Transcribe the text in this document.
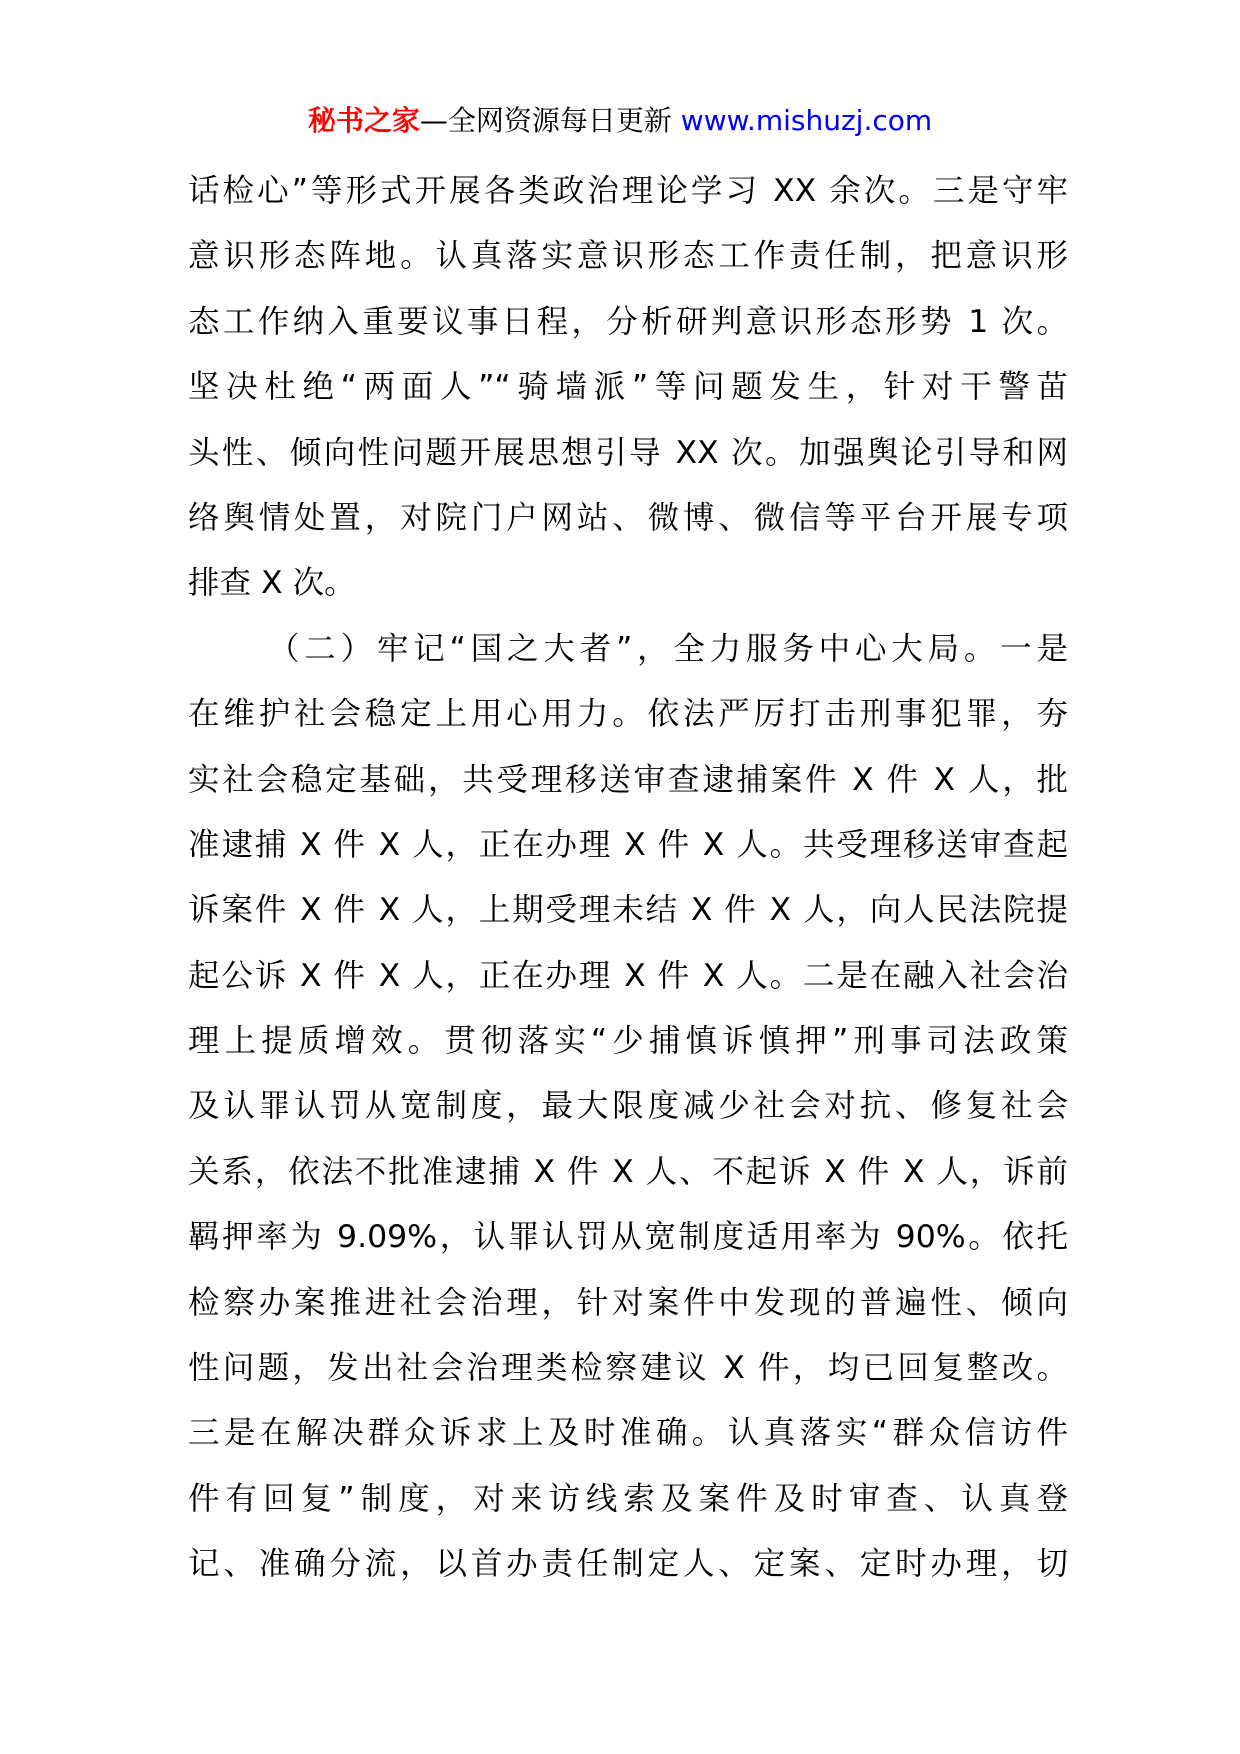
秘书之家—全网资源每日更新 www.mishuzj.com
话检心”等形式开展各类政治理论学习 XX 余次。三是守牢
意识形态阵地。认真落实意识形态工作责任制，把意识形
态工作纳入重要议事日程，分析研判意识形态形势 1 次。
坚决杜绝“两面人”“骑墙派”等问题发生，针对干警苗
头性、倾向性问题开展思想引导 XX 次。加强舆论引导和网
络舆情处置，对院门户网站、微博、微信等平台开展专项
排查 X 次。
（二）牢记“国之大者”，全力服务中心大局。一是
在维护社会稳定上用心用力。依法严厉打击刑事犯罪，夯
实社会稳定基础，共受理移送审查逮捕案件 X 件 X 人，批
准逮捕 X 件 X 人，正在办理 X 件 X 人。共受理移送审查起
诉案件 X 件 X 人，上期受理未结 X 件 X 人，向人民法院提
起公诉 X 件 X 人，正在办理 X 件 X 人。二是在融入社会治
理上提质增效。贯彻落实“少捕慎诉慎押”刑事司法政策
及认罪认罚从宽制度，最大限度减少社会对抗、修复社会
关系，依法不批准逮捕 X 件 X 人、不起诉 X 件 X 人，诉前
羁押率为 9.09%，认罪认罚从宽制度适用率为 90%。依托
检察办案推进社会治理，针对案件中发现的普遍性、倾向
性问题，发出社会治理类检察建议 X 件，均已回复整改。
三是在解决群众诉求上及时准确。认真落实“群众信访件
件有回复”制度，对来访线索及案件及时审查、认真登
记、准确分流，以首办责任制定人、定案、定时办理，切
